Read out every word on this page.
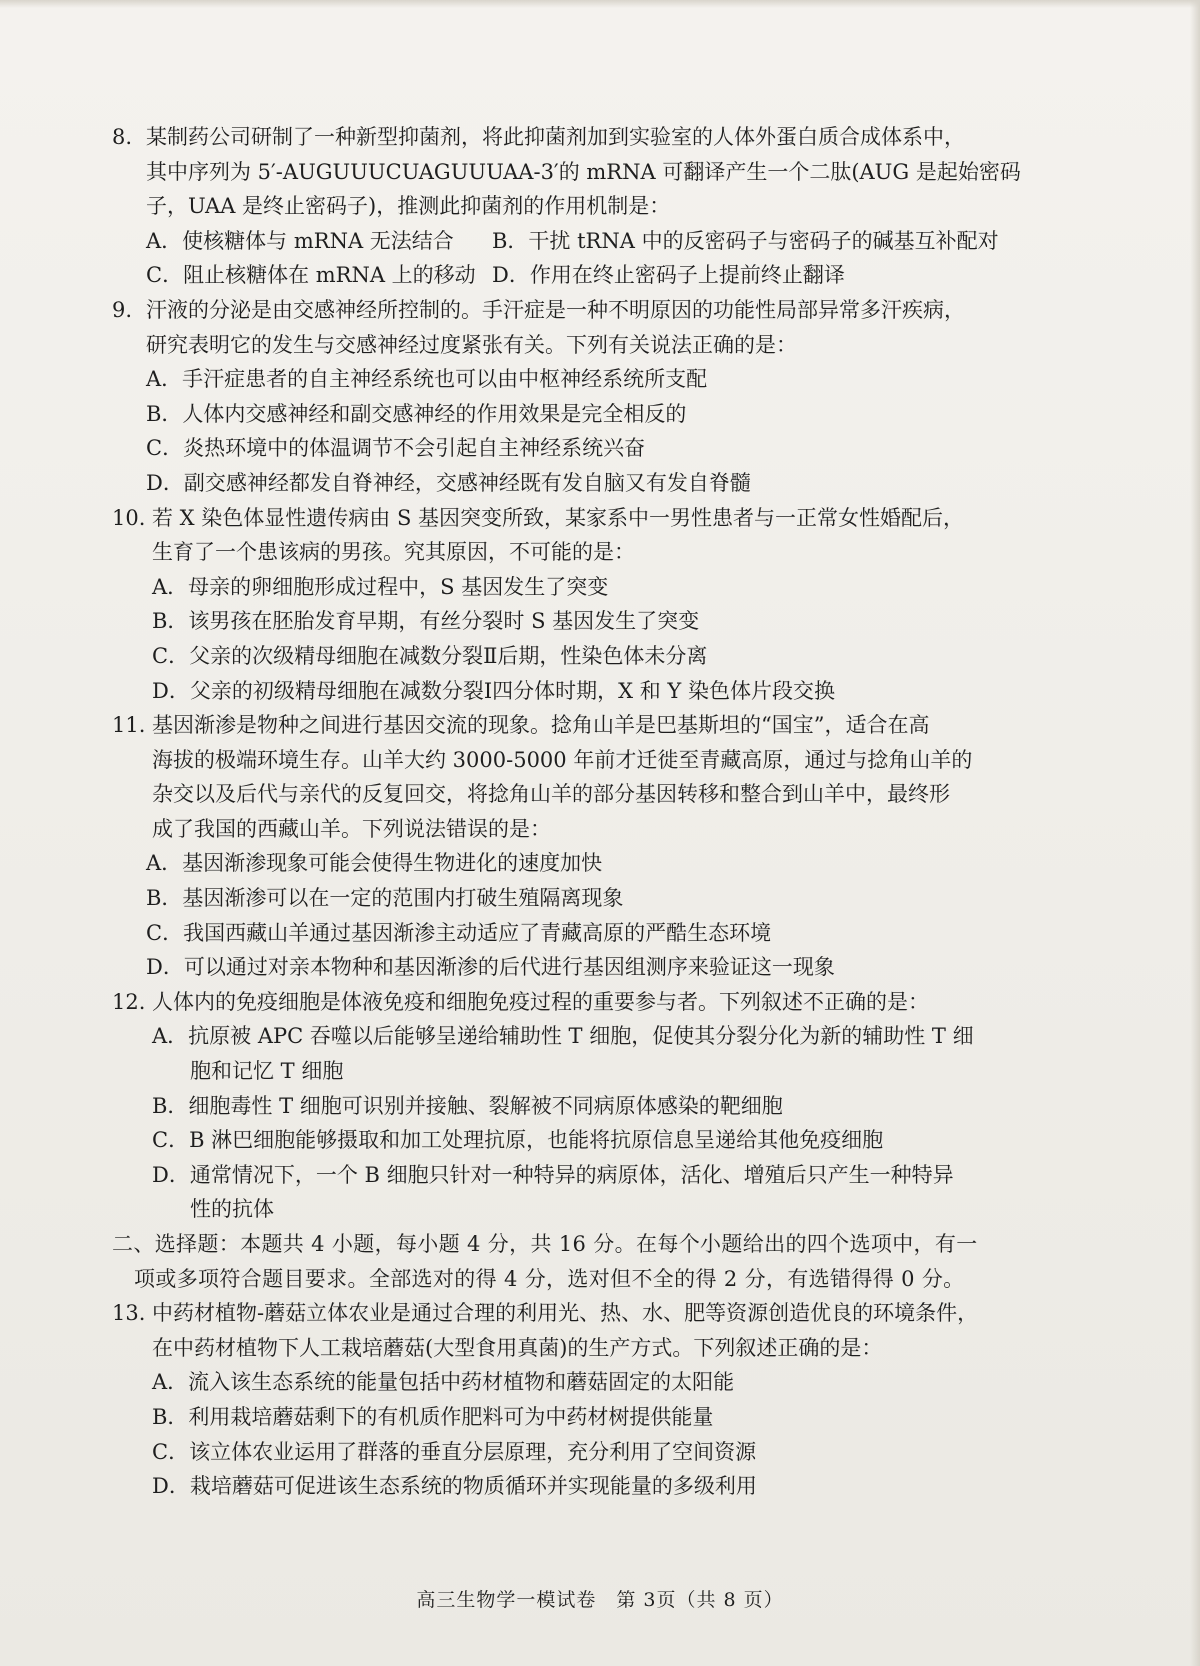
8. 某制药公司研制了一种新型抑菌剂，将此抑菌剂加到实验室的人体外蛋白质合成体系中，
其中序列为 5′-AUGUUUCUAGUUUAA-3′的 mRNA 可翻译产生一个二肽(AUG 是起始密码
子，UAA 是终止密码子)，推测此抑菌剂的作用机制是：
A．使核糖体与 mRNA 无法结合	B．干扰 tRNA 中的反密码子与密码子的碱基互补配对
C．阻止核糖体在 mRNA 上的移动 D．作用在终止密码子上提前终止翻译
9. 汗液的分泌是由交感神经所控制的。手汗症是一种不明原因的功能性局部异常多汗疾病，
研究表明它的发生与交感神经过度紧张有关。下列有关说法正确的是：
A．手汗症患者的自主神经系统也可以由中枢神经系统所支配
B．人体内交感神经和副交感神经的作用效果是完全相反的
C．炎热环境中的体温调节不会引起自主神经系统兴奋
D．副交感神经都发自脊神经，交感神经既有发自脑又有发自脊髓
10. 若 X 染色体显性遗传病由 S 基因突变所致，某家系中一男性患者与一正常女性婚配后，
生育了一个患该病的男孩。究其原因，不可能的是：
A．母亲的卵细胞形成过程中，S 基因发生了突变
B．该男孩在胚胎发育早期，有丝分裂时 S 基因发生了突变
C．父亲的次级精母细胞在减数分裂Ⅱ后期，性染色体未分离
D．父亲的初级精母细胞在减数分裂Ⅰ四分体时期，X 和 Y 染色体片段交换
11. 基因渐渗是物种之间进行基因交流的现象。捻角山羊是巴基斯坦的“国宝”，适合在高
海拔的极端环境生存。山羊大约 3000-5000 年前才迁徙至青藏高原，通过与捻角山羊的
杂交以及后代与亲代的反复回交，将捻角山羊的部分基因转移和整合到山羊中，最终形
成了我国的西藏山羊。下列说法错误的是：
A．基因渐渗现象可能会使得生物进化的速度加快
B．基因渐渗可以在一定的范围内打破生殖隔离现象
C．我国西藏山羊通过基因渐渗主动适应了青藏高原的严酷生态环境
D．可以通过对亲本物种和基因渐渗的后代进行基因组测序来验证这一现象
12. 人体内的免疫细胞是体液免疫和细胞免疫过程的重要参与者。下列叙述不正确的是：
A．抗原被 APC 吞噬以后能够呈递给辅助性 T 细胞，促使其分裂分化为新的辅助性 T 细
胞和记忆 T 细胞
B．细胞毒性 T 细胞可识别并接触、裂解被不同病原体感染的靶细胞
C．B 淋巴细胞能够摄取和加工处理抗原，也能将抗原信息呈递给其他免疫细胞
D．通常情况下，一个 B 细胞只针对一种特异的病原体，活化、增殖后只产生一种特异
性的抗体
二、选择题：本题共 4 小题，每小题 4 分，共 16 分。在每个小题给出的四个选项中，有一
项或多项符合题目要求。全部选对的得 4 分，选对但不全的得 2 分，有选错得得 0 分。
13. 中药材植物-蘑菇立体农业是通过合理的利用光、热、水、肥等资源创造优良的环境条件，
在中药材植物下人工栽培蘑菇(大型食用真菌)的生产方式。下列叙述正确的是：
A．流入该生态系统的能量包括中药材植物和蘑菇固定的太阳能
B．利用栽培蘑菇剩下的有机质作肥料可为中药材树提供能量
C．该立体农业运用了群落的垂直分层原理，充分利用了空间资源
D．栽培蘑菇可促进该生态系统的物质循环并实现能量的多级利用
高三生物学一模试卷　第 3页（共 8 页）
